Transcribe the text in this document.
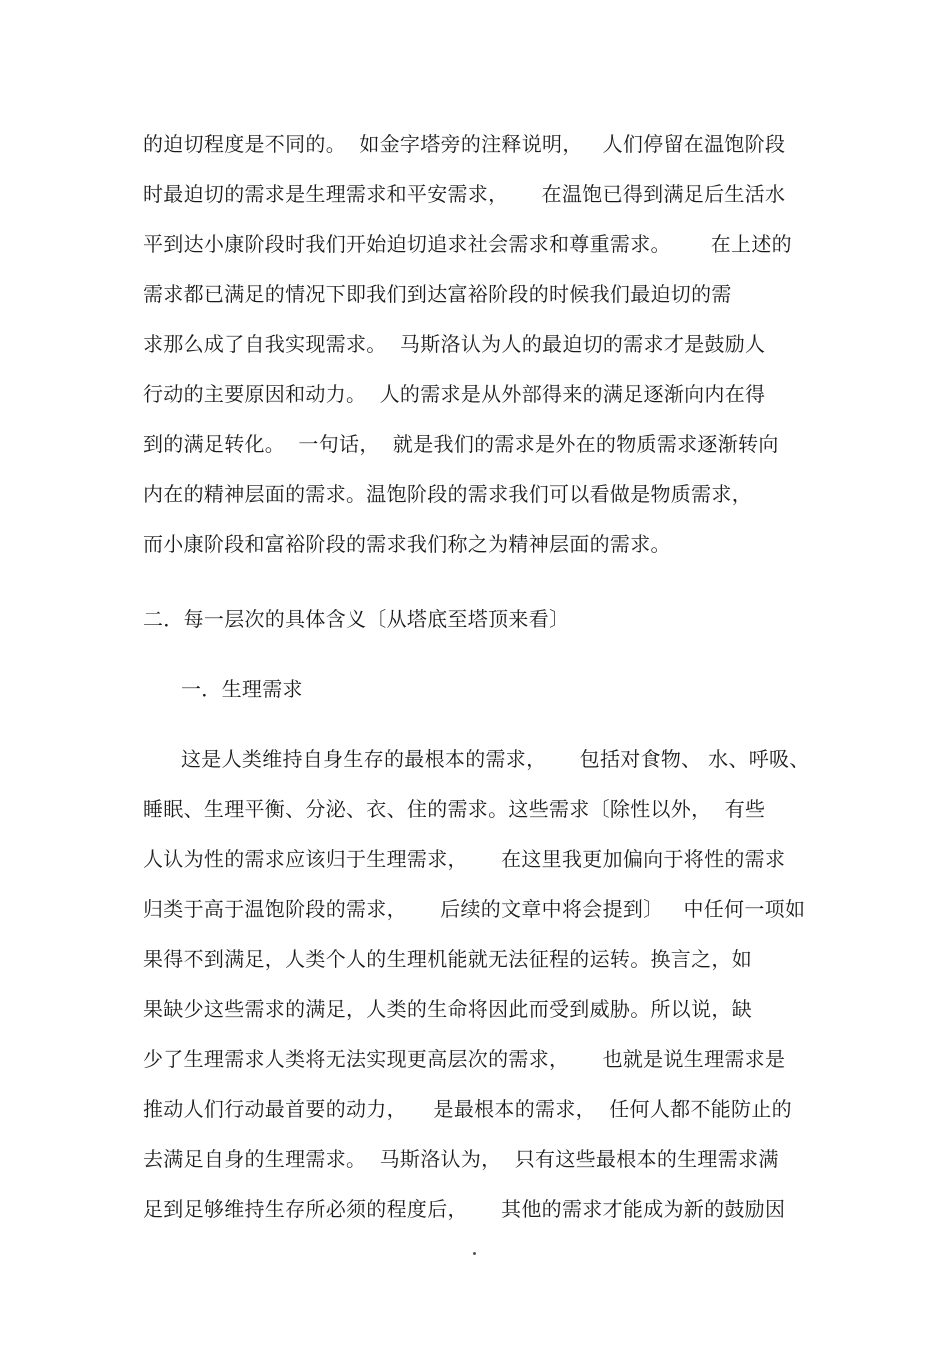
的迫切程度是不同的。  如金字塔旁的注释说明，   人们停留在温饱阶段
时最迫切的需求是生理需求和平安需求，     在温饱已得到满足后生活水
平到达小康阶段时我们开始迫切追求社会需求和尊重需求。      在上述的
需求都已满足的情况下即我们到达富裕阶段的时候我们最迫切的需
求那么成了自我实现需求。  马斯洛认为人的最迫切的需求才是鼓励人
行动的主要原因和动力。  人的需求是从外部得来的满足逐渐向内在得
到的满足转化。  一句话，  就是我们的需求是外在的物质需求逐渐转向
内在的精神层面的需求。温饱阶段的需求我们可以看做是物质需求，
而小康阶段和富裕阶段的需求我们称之为精神层面的需求。
二．每一层次的具体含义〔从塔底至塔顶来看〕
一．生理需求
这是人类维持自身生存的最根本的需求，     包括对食物、 水、呼吸、
睡眠、生理平衡、分泌、衣、住的需求。这些需求〔除性以外，  有些
人认为性的需求应该归于生理需求，     在这里我更加偏向于将性的需求
归类于高于温饱阶段的需求，     后续的文章中将会提到〕   中任何一项如
果得不到满足，人类个人的生理机能就无法征程的运转。换言之，如
果缺少这些需求的满足，人类的生命将因此而受到威胁。所以说，缺
少了生理需求人类将无法实现更高层次的需求，     也就是说生理需求是
推动人们行动最首要的动力，    是最根本的需求，  任何人都不能防止的
去满足自身的生理需求。  马斯洛认为，  只有这些最根本的生理需求满
足到足够维持生存所必须的程度后，     其他的需求才能成为新的鼓励因
